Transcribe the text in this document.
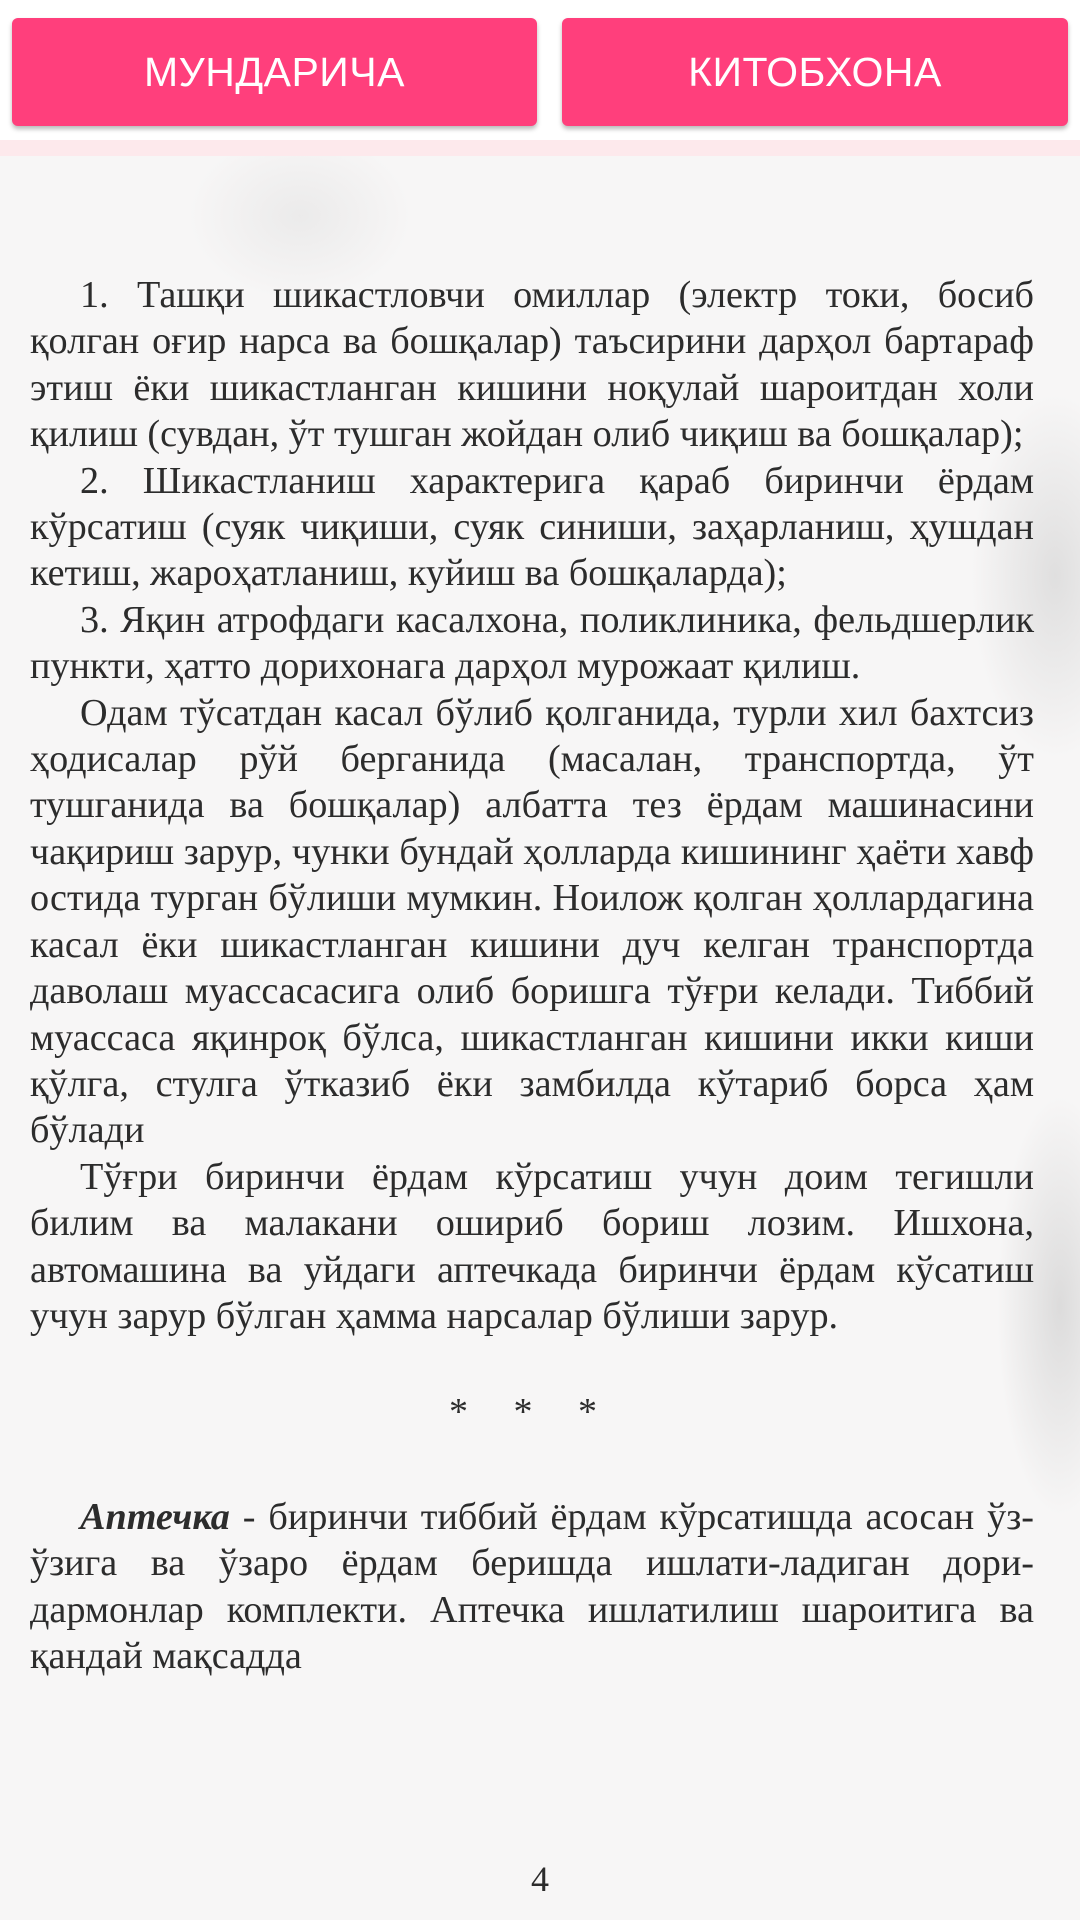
МУНДАРИЧА	КИТОБХОНА

1. Ташқи шикастловчи омиллар (электр токи, босиб қолган оғир нарса ва бошқалар) таъсирини дарҳол бартараф этиш ёки шикастланган кишини ноқулай шароитдан холи қилиш (сувдан, ўт тушган жойдан олиб чиқиш ва бошқалар);

2. Шикастланиш характерига қараб биринчи ёрдам кўрсатиш (суяк чиқиши, суяк синиши, заҳарланиш, ҳушдан кетиш, жароҳатланиш, куйиш ва бошқаларда);

3. Яқин атрофдаги касалхона, поликлиника, фельдшерлик пункти, ҳатто дорихонага дарҳол мурожаат қилиш.

Одам тўсатдан касал бўлиб қолганида, турли хил бахтсиз ҳодисалар рўй берганида (масалан, транспортда, ўт тушганида ва бошқалар) албатта тез ёрдам машинасини чақириш зарур, чунки бундай ҳолларда кишининг ҳаёти хавф остида турган бўлиши мумкин. Ноилож қолган ҳоллардагина касал ёки шикастланган кишини дуч келган транспортда даволаш муассасасига олиб боришга тўғри келади. Тиббий муассаса яқинроқ бўлса, шикастланган кишини икки киши қўлга, стулга ўтказиб ёки замбилда кўтариб борса ҳам бўлади

Тўғри биринчи ёрдам кўрсатиш учун доим тегишли билим ва малакани ошириб бориш лозим. Ишхона, автомашина ва уйдаги аптечкада биринчи ёрдам кўсатиш учун зарур бўлган ҳамма нарсалар бўлиши зарур.

* * *

Аптечка - биринчи тиббий ёрдам кўрсатишда асосан ўз-ўзига ва ўзаро ёрдам беришда ишлати-ладиган дори-дармонлар комплекти. Аптечка ишлатилиш шароитига ва қандай мақсадда

4
